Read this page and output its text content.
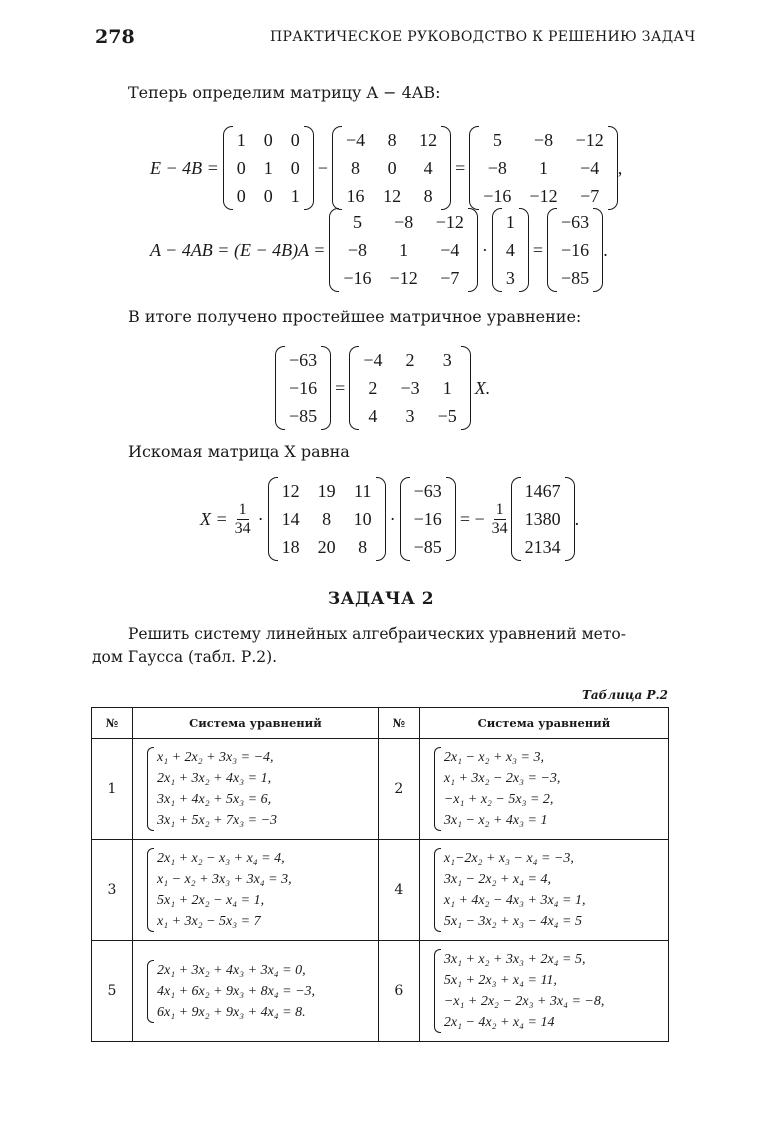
278	ПРАКТИЧЕСКОЕ РУКОВОДСТВО К РЕШЕНИЮ ЗАДАЧ
Теперь определим матрицу A − 4AB:
E − 4B =
1 0 0
0 1 0
0 0 1
−
−4 8 12
8 0 4
16 12 8
=
5	−8 −12
−8	1	−4
−16 −12 −7
,
A − 4AB = (E − 4B)A =
5	−8 −12
−8	1	−4
−16 −12 −7
·
1
4
3
=
−63
−16
−85
.
В итоге получено простейшее матричное уравнение:
−63
−16
−85
=
−4 2 3
2 −3 1
4 3 −5
X.
Искомая матрица X равна
$X = \frac{1}{34}$ ·
12 19 11
14 8 10
18 20 8
·
−63
−16
−85
= − $\frac{1}{34}$
1467
1380
2134
.
ЗАДАЧА 2
Решить систему линейных алгебраических уравнений мето-
дом Гаусса (табл. Р.2).
Таблица Р.2
№	Система уравнений	№	Система уравнений
1	x₁ + 2x₂ + 3x₃ = −4,
2x₁ + 3x₂ + 4x₃ = 1,
3x₁ + 4x₂ + 5x₃ = 6,
3x₁ + 5x₂ + 7x₃ = −3	2	2x₁ − x₂ + x₃ = 3,
x₁ + 3x₂ − 2x₃ = −3,
−x₁ + x₂ − 5x₃ = 2,
3x₁ − x₂ + 4x₃ = 1

3	2x₁ + x₂ − x₃ + x₄ = 4,
x₁ − x₂ + 3x₃ + 3x₄ = 3,
5x₁ + 2x₂ − x₄ = 1,
x₁ + 3x₂ − 5x₃ = 7	4	x₁−2x₂ + x₃ − x₄ = −3,
3x₁ − 2x₂ + x₄ = 4,
x₁ + 4x₂ − 4x₃ + 3x₄ = 1,
5x₁ − 3x₂ + x₃ − 4x₄ = 5

5	2x₁ + 3x₂ + 4x₃ + 3x₄ = 0,
4x₁ + 6x₂ + 9x₃ + 8x₄ = −3,
6x₁ + 9x₂ + 9x₃ + 4x₄ = 8.	6	3x₁ + x₂ + 3x₃ + 2x₄ = 5,
5x₁ + 2x₃ + x₄ = 11,
−x₁ + 2x₂ − 2x₃ + 3x₄ = −8,
2x₁ − 4x₂ + x₄ = 14
